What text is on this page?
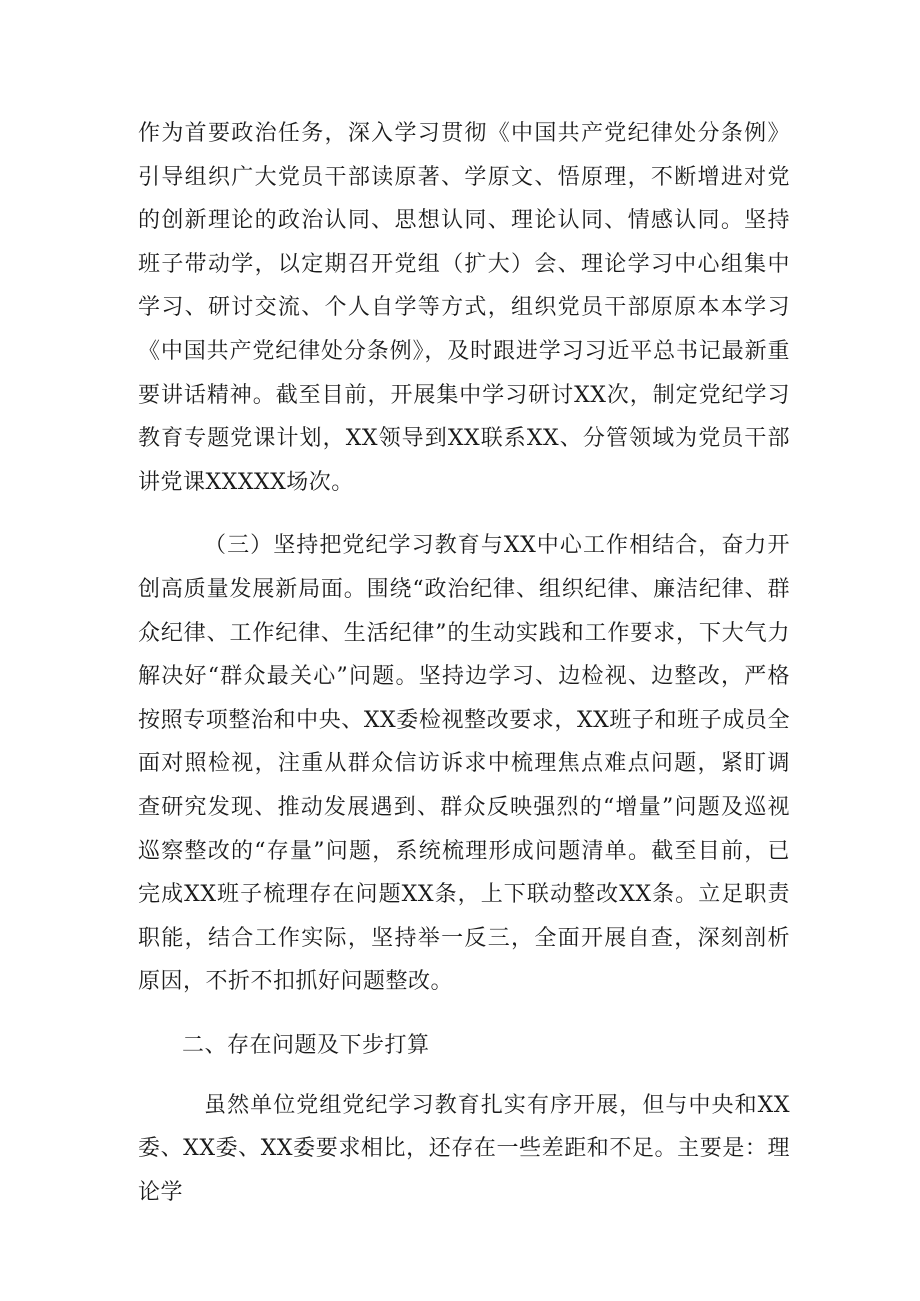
作为首要政治任务，深入学习贯彻《中国共产党纪律处分条例》引导组织广大党员干部读原著、学原文、悟原理，不断增进对党的创新理论的政治认同、思想认同、理论认同、情感认同。坚持班子带动学，以定期召开党组（扩大）会、理论学习中心组集中学习、研讨交流、个人自学等方式，组织党员干部原原本本学习《中国共产党纪律处分条例》，及时跟进学习习近平总书记最新重要讲话精神。截至目前，开展集中学习研讨XX次，制定党纪学习教育专题党课计划，XX领导到XX联系XX、分管领域为党员干部讲党课XXXXX场次。

（三）坚持把党纪学习教育与XX中心工作相结合，奋力开创高质量发展新局面。围绕“政治纪律、组织纪律、廉洁纪律、群众纪律、工作纪律、生活纪律”的生动实践和工作要求，下大气力解决好“群众最关心”问题。坚持边学习、边检视、边整改，严格按照专项整治和中央、XX委检视整改要求，XX班子和班子成员全面对照检视，注重从群众信访诉求中梳理焦点难点问题，紧盯调查研究发现、推动发展遇到、群众反映强烈的“增量”问题及巡视巡察整改的“存量”问题，系统梳理形成问题清单。截至目前，已完成XX班子梳理存在问题XX条，上下联动整改XX条。立足职责职能，结合工作实际，坚持举一反三，全面开展自查，深刻剖析原因，不折不扣抓好问题整改。

二、存在问题及下步打算

虽然单位党组党纪学习教育扎实有序开展，但与中央和XX委、XX委、XX委要求相比，还存在一些差距和不足。主要是：理论学
